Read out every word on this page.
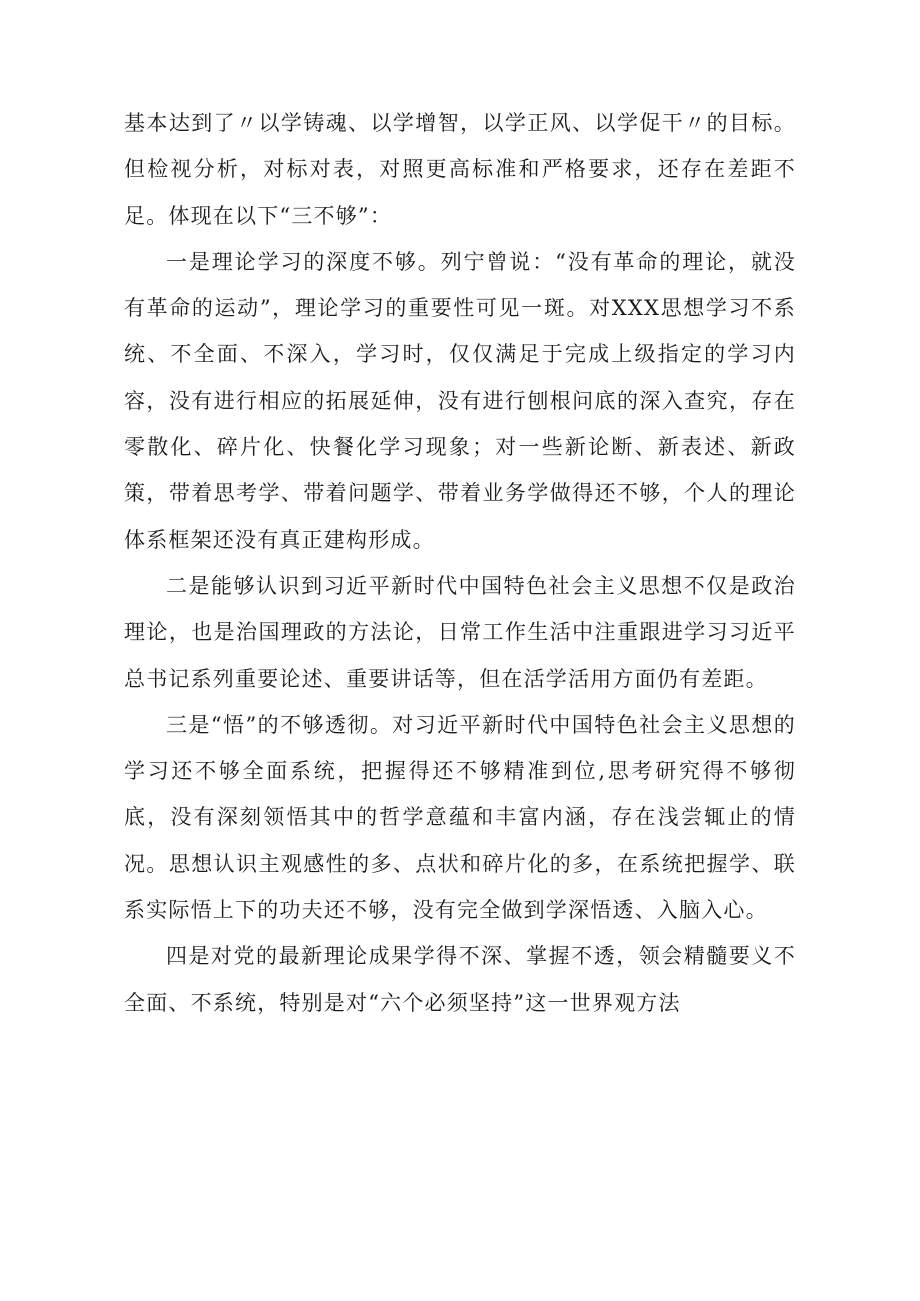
基本达到了〃以学铸魂、以学增智，以学正风、以学促干〃的目标。但检视分析，对标对表，对照更高标准和严格要求，还存在差距不足。体现在以下“三不够”：

一是理论学习的深度不够。列宁曾说：“没有革命的理论，就没有革命的运动”，理论学习的重要性可见一斑。对XXX思想学习不系统、不全面、不深入，学习时，仅仅满足于完成上级指定的学习内容，没有进行相应的拓展延伸，没有进行刨根问底的深入查究，存在零散化、碎片化、快餐化学习现象；对一些新论断、新表述、新政策，带着思考学、带着问题学、带着业务学做得还不够，个人的理论体系框架还没有真正建构形成。

二是能够认识到习近平新时代中国特色社会主义思想不仅是政治理论，也是治国理政的方法论，日常工作生活中注重跟进学习习近平总书记系列重要论述、重要讲话等，但在活学活用方面仍有差距。

三是“悟”的不够透彻。对习近平新时代中国特色社会主义思想的学习还不够全面系统，把握得还不够精准到位,思考研究得不够彻底，没有深刻领悟其中的哲学意蕴和丰富内涵，存在浅尝辄止的情况。思想认识主观感性的多、点状和碎片化的多，在系统把握学、联系实际悟上下的功夫还不够，没有完全做到学深悟透、入脑入心。

四是对党的最新理论成果学得不深、掌握不透，领会精髓要义不全面、不系统，特别是对“六个必须坚持”这一世界观方法
